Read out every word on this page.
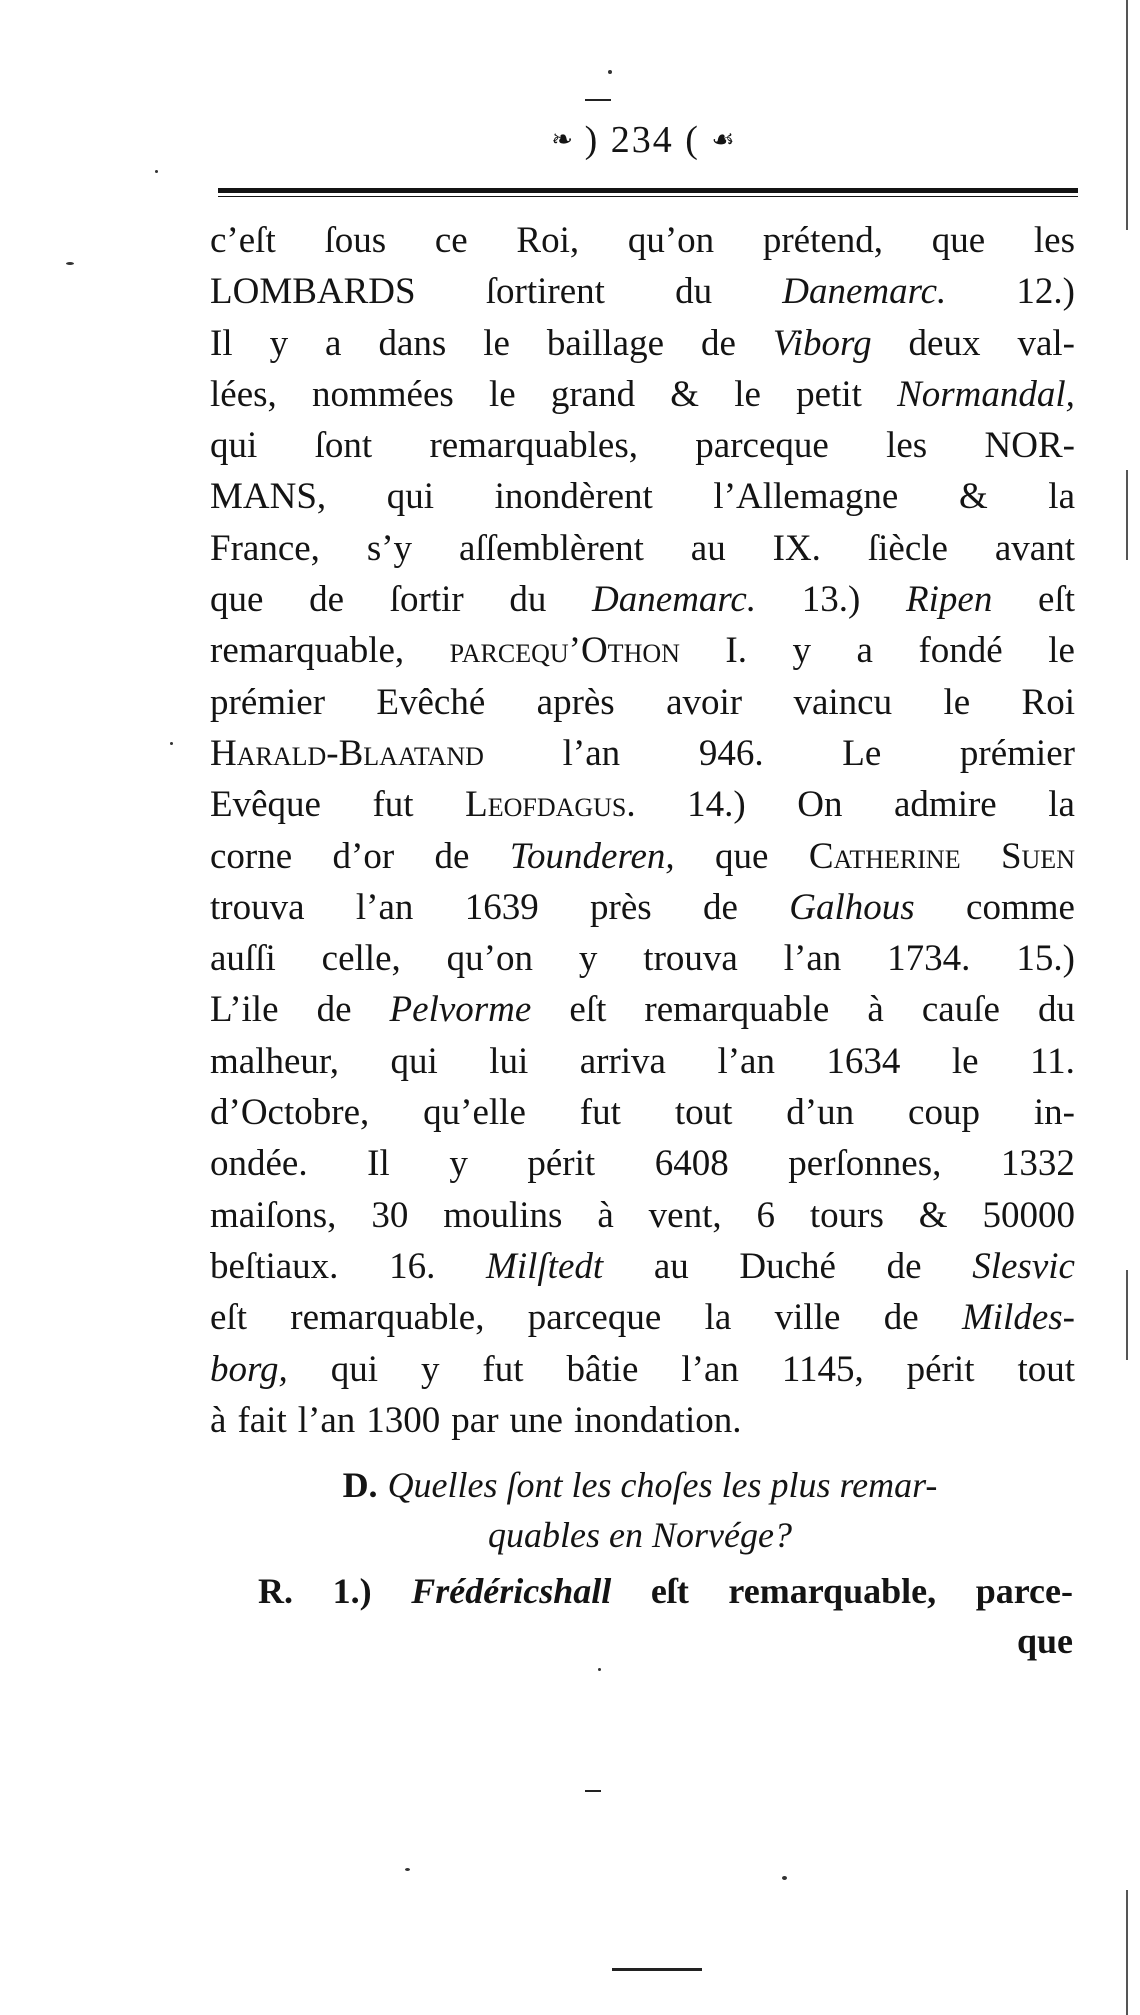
❧ ) 234 ( ☙
c’eſt ſous ce Roi, qu’on prétend, que les
LOMBARDS ſortirent du Danemarc. 12.)
Il y a dans le baillage de Viborg deux val-
lées, nommées le grand & le petit Normandal,
qui ſont remarquables, parceque les NOR-
MANS, qui inondèrent l’Allemagne & la
France, s’y aſſemblèrent au IX. ſiècle avant
que de ſortir du Danemarc. 13.) Ripen eſt
remarquable, parcequ’Othon I. y a fondé le
prémier Evêché après avoir vaincu le Roi
Harald-Blaatand l’an 946. Le prémier
Evêque fut Leofdagus. 14.) On admire la
corne d’or de Tounderen, que Catherine Suen
trouva l’an 1639 près de Galhous comme
auſſi celle, qu’on y trouva l’an 1734. 15.)
L’ile de Pelvorme eſt remarquable à cauſe du
malheur, qui lui arriva l’an 1634 le 11.
d’Octobre, qu’elle fut tout d’un coup in-
ondée. Il y périt 6408 perſonnes, 1332
maiſons, 30 moulins à vent, 6 tours & 50000
beſtiaux. 16. Milſtedt au Duché de Slesvic
eſt remarquable, parceque la ville de Mildes-
borg, qui y fut bâtie l’an 1145, périt tout
à fait l’an 1300 par une inondation.
D. Quelles ſont les choſes les plus remar-
quables en Norvége?
R. 1.) Frédéricshall eſt remarquable, parce-
que
